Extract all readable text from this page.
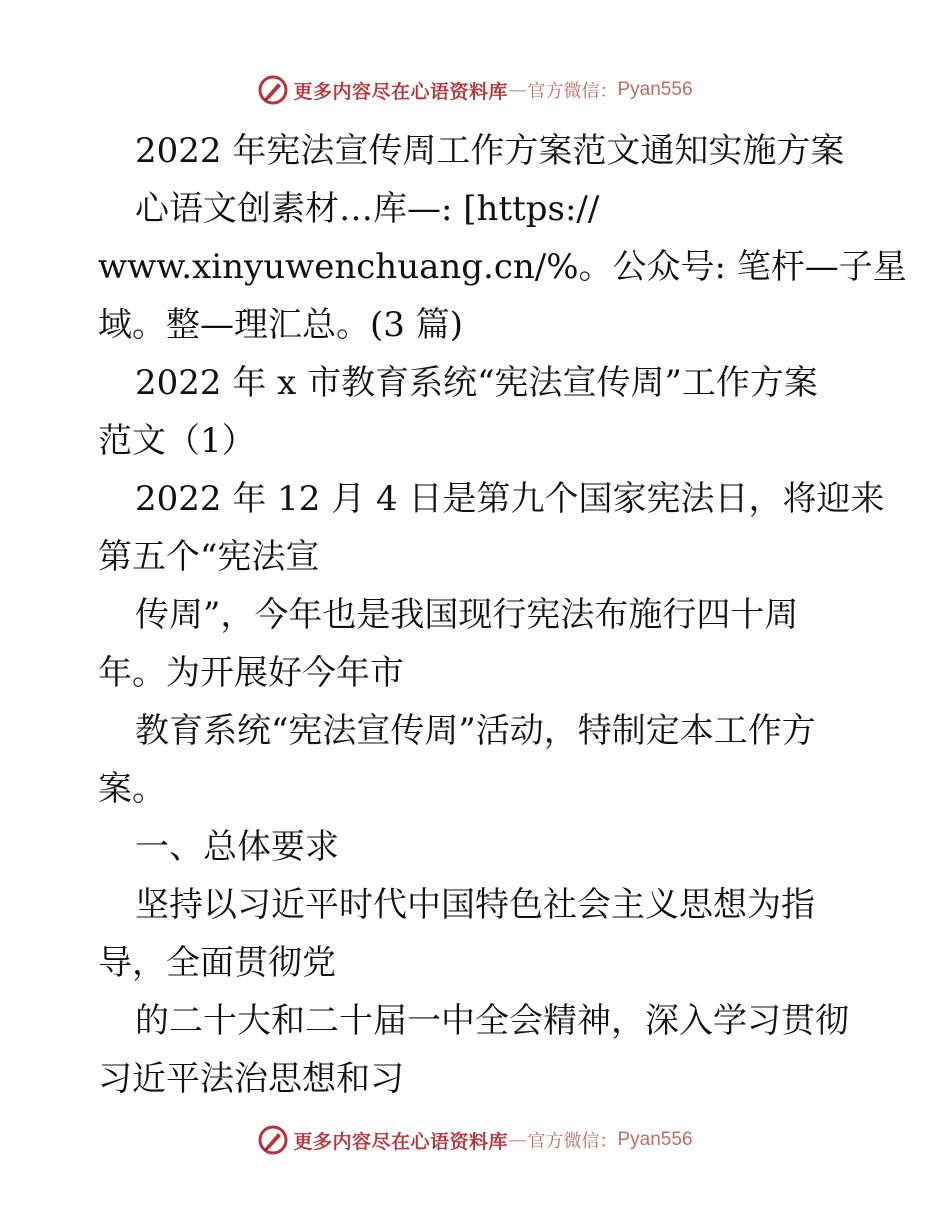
更多内容尽在心语资料库 — 官方微信： Pyan556
2022 年宪法宣传周工作方案范文通知实施方案
心语文创素材…库—: [https://
www.xinyuwenchuang.cn/%。公众号: 笔杆—子星
域。整—理汇总。(3 篇)
2022 年 x 市教育系统“宪法宣传周”工作方案
范文（1）
2022 年 12 月 4 日是第九个国家宪法日，将迎来
第五个“宪法宣
传周”，今年也是我国现行宪法布施行四十周
年。为开展好今年市
教育系统“宪法宣传周”活动，特制定本工作方
案。
一、总体要求
坚持以习近平时代中国特色社会主义思想为指
导，全面贯彻党
的二十大和二十届一中全会精神，深入学习贯彻
习近平法治思想和习
更多内容尽在心语资料库 — 官方微信： Pyan556
